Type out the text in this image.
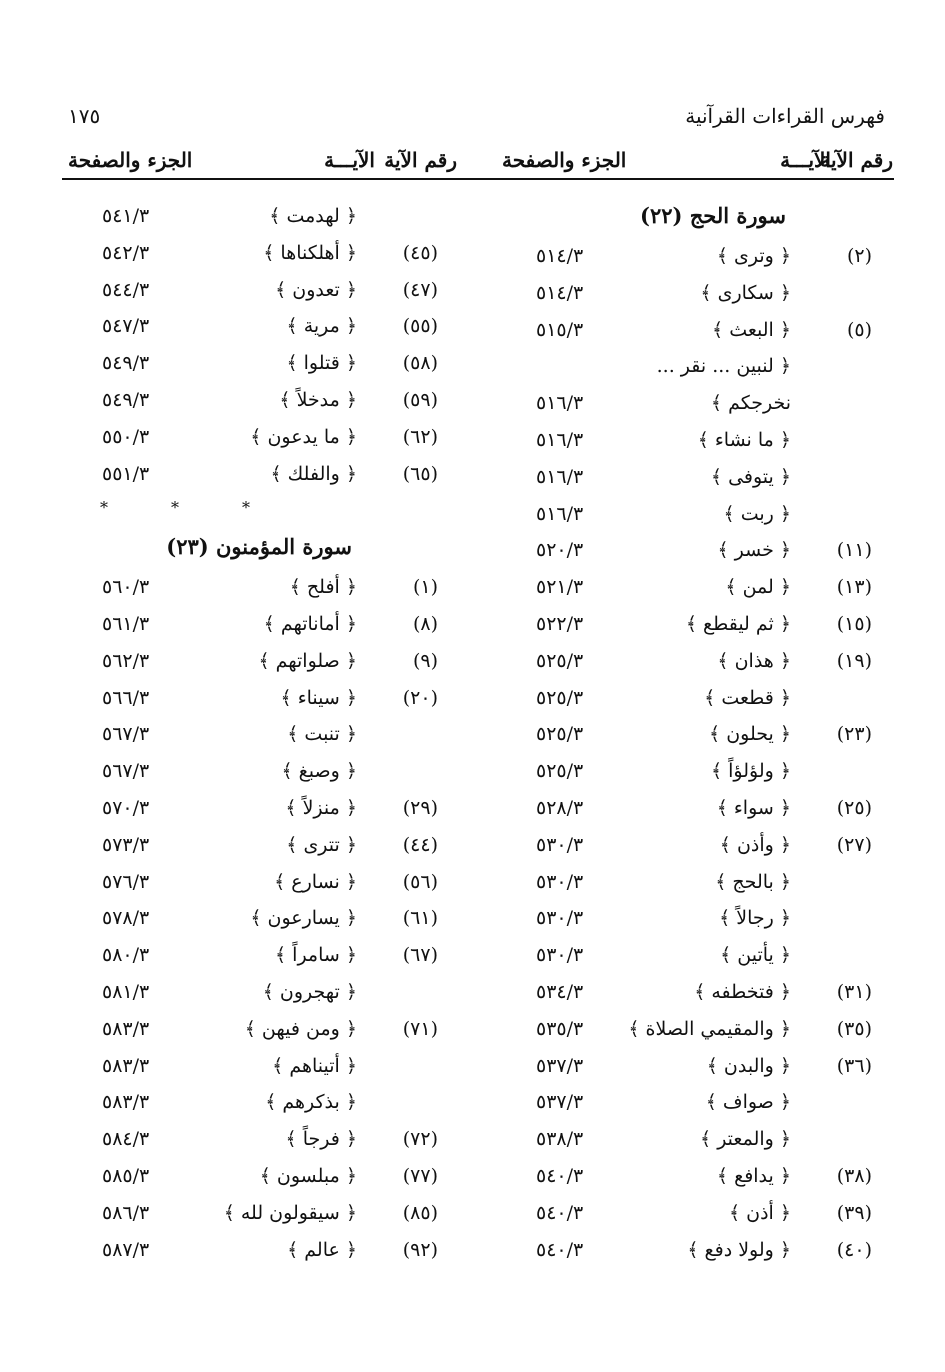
فهرس القراءات القرآنية
١٧٥
رقم الآية
الآيـــة
الجزء والصفحة
رقم الآية
الآيـــة
الجزء والصفحة
سورة الحج (٢٢)
(٢)
﴿ وترى ﴾
٥١٤/٣
﴿ سكارى ﴾
٥١٤/٣
(٥)
﴿ البعث ﴾
٥١٥/٣
﴿ لنبين ... نقر ...
نخرجكم ﴾
٥١٦/٣
﴿ ما نشاء ﴾
٥١٦/٣
﴿ يتوفى ﴾
٥١٦/٣
﴿ ربت ﴾
٥١٦/٣
(١١)
﴿ خسر ﴾
٥٢٠/٣
(١٣)
﴿ لمن ﴾
٥٢١/٣
(١٥)
﴿ ثم ليقطع ﴾
٥٢٢/٣
(١٩)
﴿ هذان ﴾
٥٢٥/٣
﴿ قطعت ﴾
٥٢٥/٣
(٢٣)
﴿ يحلون ﴾
٥٢٥/٣
﴿ ولؤلؤاً ﴾
٥٢٥/٣
(٢٥)
﴿ سواء ﴾
٥٢٨/٣
(٢٧)
﴿ وأذن ﴾
٥٣٠/٣
﴿ بالحج ﴾
٥٣٠/٣
﴿ رجالاً ﴾
٥٣٠/٣
﴿ يأتين ﴾
٥٣٠/٣
(٣١)
﴿ فتخطفه ﴾
٥٣٤/٣
(٣٥)
﴿ والمقيمي الصلاة ﴾
٥٣٥/٣
(٣٦)
﴿ والبدن ﴾
٥٣٧/٣
﴿ صواف ﴾
٥٣٧/٣
﴿ والمعتر ﴾
٥٣٨/٣
(٣٨)
﴿ يدافع ﴾
٥٤٠/٣
(٣٩)
﴿ أذن ﴾
٥٤٠/٣
(٤٠)
﴿ ولولا دفع ﴾
٥٤٠/٣
﴿ لهدمت ﴾
٥٤١/٣
(٤٥)
﴿ أهلكناها ﴾
٥٤٢/٣
(٤٧)
﴿ تعدون ﴾
٥٤٤/٣
(٥٥)
﴿ مرية ﴾
٥٤٧/٣
(٥٨)
﴿ قتلوا ﴾
٥٤٩/٣
(٥٩)
﴿ مدخلاً ﴾
٥٤٩/٣
(٦٢)
﴿ ما يدعون ﴾
٥٥٠/٣
(٦٥)
﴿ والفلك ﴾
٥٥١/٣
*	*	*
سورة المؤمنون (٢٣)
(١)
﴿ أفلح ﴾
٥٦٠/٣
(٨)
﴿ أماناتهم ﴾
٥٦١/٣
(٩)
﴿ صلواتهم ﴾
٥٦٢/٣
(٢٠)
﴿ سيناء ﴾
٥٦٦/٣
﴿ تنبت ﴾
٥٦٧/٣
﴿ وصبغ ﴾
٥٦٧/٣
(٢٩)
﴿ منزلاً ﴾
٥٧٠/٣
(٤٤)
﴿ تترى ﴾
٥٧٣/٣
(٥٦)
﴿ نسارع ﴾
٥٧٦/٣
(٦١)
﴿ يسارعون ﴾
٥٧٨/٣
(٦٧)
﴿ سامراً ﴾
٥٨٠/٣
﴿ تهجرون ﴾
٥٨١/٣
(٧١)
﴿ ومن فيهن ﴾
٥٨٣/٣
﴿ أتيناهم ﴾
٥٨٣/٣
﴿ بذكرهم ﴾
٥٨٣/٣
(٧٢)
﴿ فرجاً ﴾
٥٨٤/٣
(٧٧)
﴿ مبلسون ﴾
٥٨٥/٣
(٨٥)
﴿ سيقولون لله ﴾
٥٨٦/٣
(٩٢)
﴿ عالم ﴾
٥٨٧/٣
